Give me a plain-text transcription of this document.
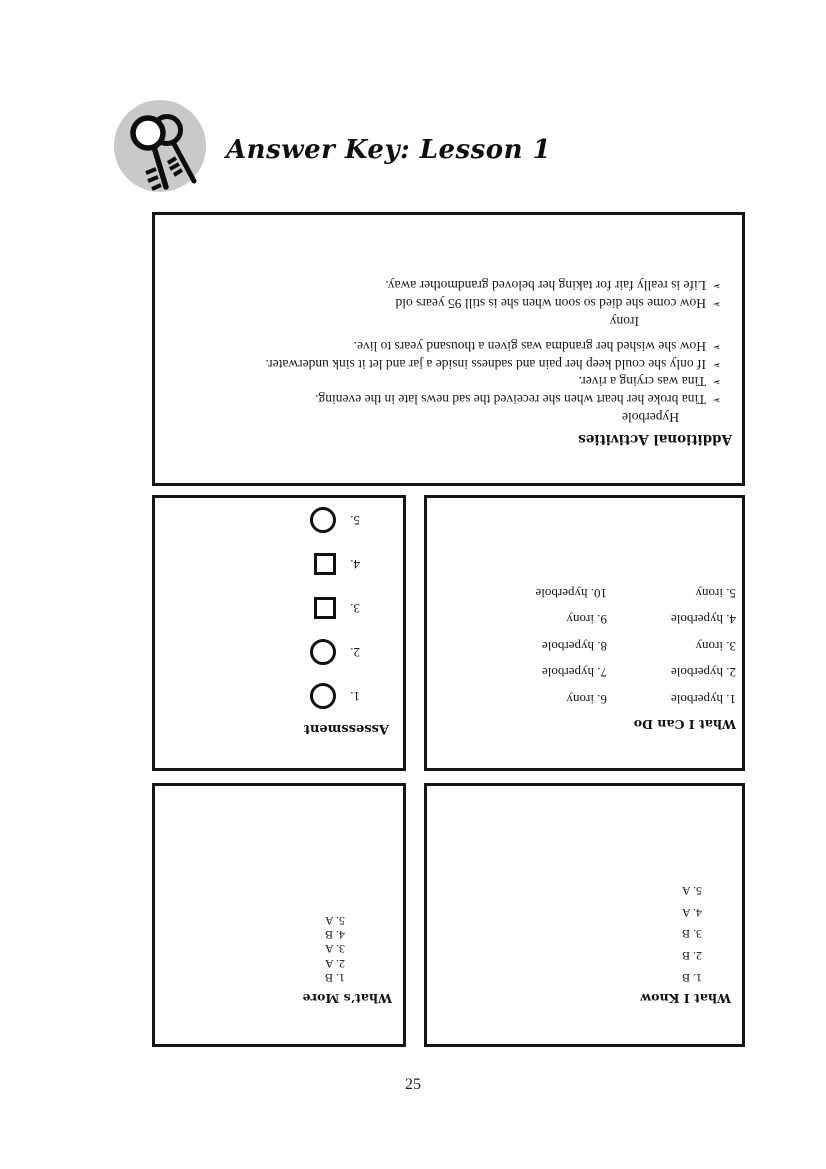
Answer Key: Lesson 1
Additional Activities
Hyperbole
➢
Tina broke her heart when she received the sad news late in the evening.
➢
Tina was crying a river.
➢
If only she could keep her pain and sadness inside a jar and let it sink underwater.
➢
How she wished her grandma was given a thousand years to live.
Irony
➢
How come she died so soon when she is still 95 years old
➢
Life is really fair for taking her beloved grandmother away.
Assessment
1.
2.
3.
4.
5.
What I Can Do
1. hyperbole
2. hyperbole
3. irony
4. hyperbole
5. irony
6. irony
7. hyperbole
8. hyperbole
9. irony
10. hyperbole
What’s More
1. B
2. A
3. A
4. B
5. A
What I Know
1. B
2. B
3. B
4. A
5. A
25
